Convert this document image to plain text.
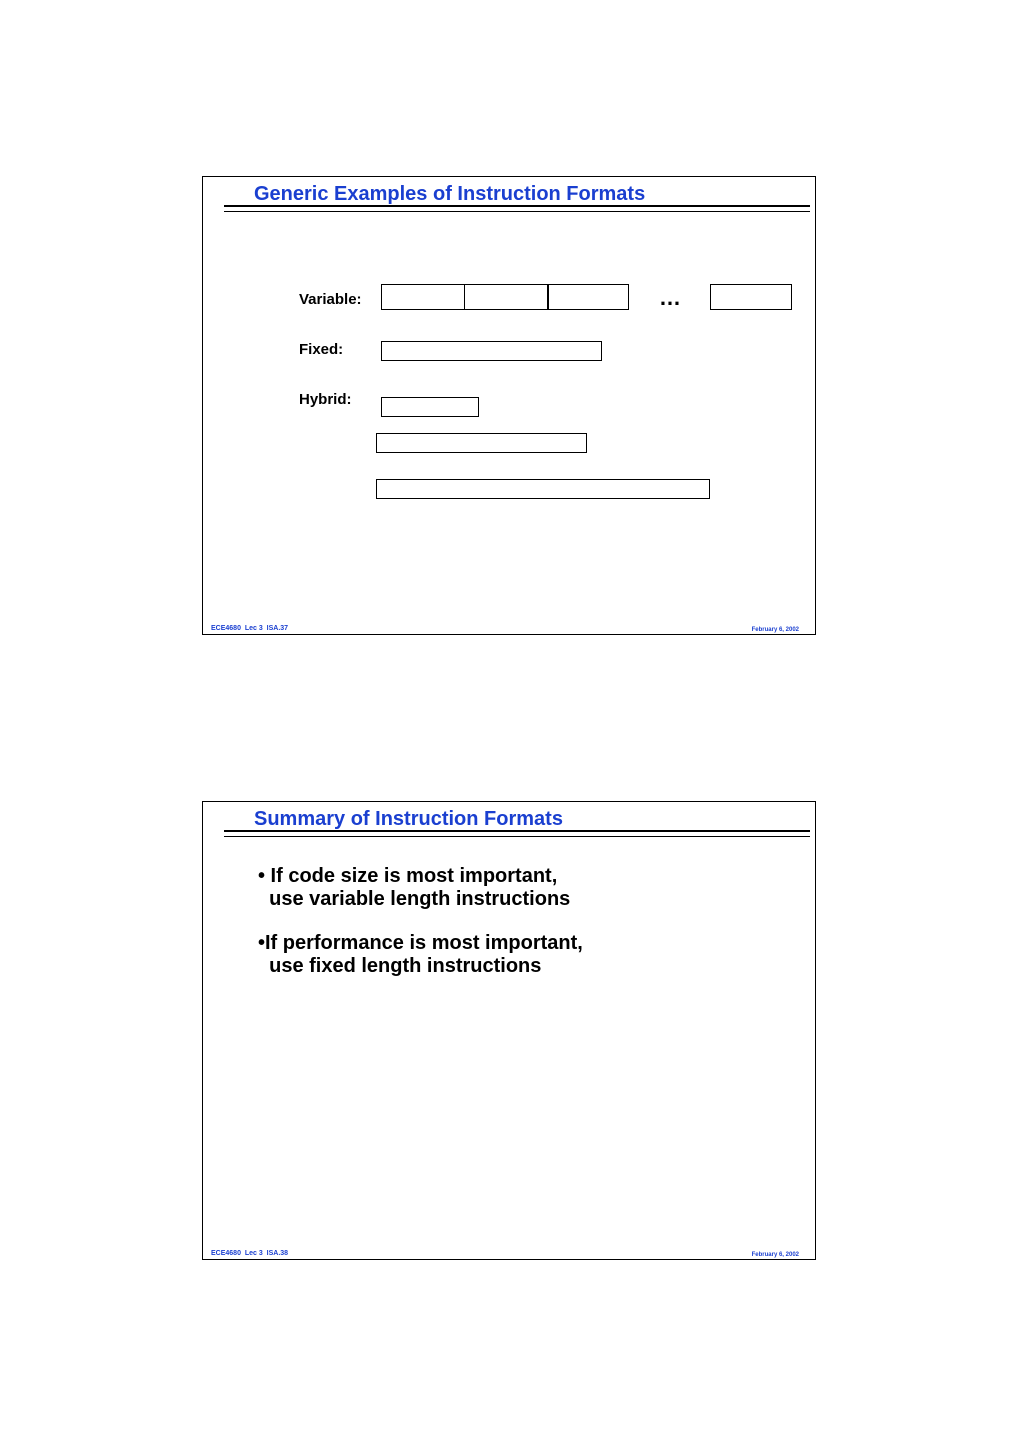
Generic Examples of Instruction Formats
Variable:	…
Fixed:
Hybrid:
ECE4680  Lec 3  ISA.37	February 6, 2002
Summary of Instruction Formats
• If code size is most important,
use variable length instructions
•If performance is most important,
use fixed length instructions
ECE4680  Lec 3  ISA.38	February 6, 2002
